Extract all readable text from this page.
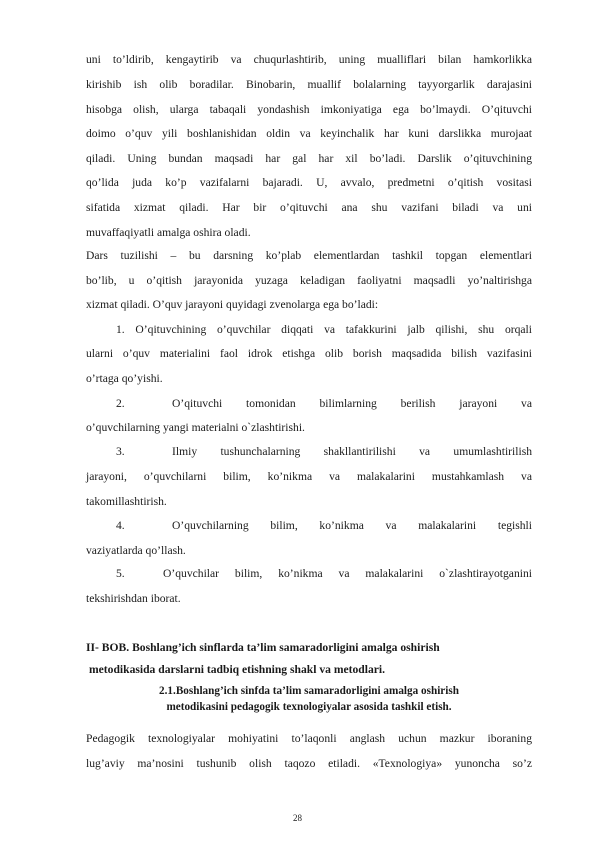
uni to’ldirib, kengaytirib va chuqurlashtirib, uning mualliflari bilan hamkorlikka
kirishib ish olib boradilar. Binobarin, muallif bolalarning tayyorgarlik darajasini
hisobga olish, ularga tabaqali yondashish imkoniyatiga ega bo’lmaydi. O’qituvchi
doimo o’quv yili boshlanishidan oldin va keyinchalik har kuni darslikka murojaat
qiladi. Uning bundan maqsadi har gal har xil bo’ladi. Darslik o’qituvchining
qo’lida juda ko’p vazifalarni bajaradi. U, avvalo, predmetni o’qitish vositasi
sifatida xizmat qiladi. Har bir o’qituvchi ana shu vazifani biladi va uni
muvaffaqiyatli amalga oshira oladi.
Dars tuzilishi – bu darsning ko’plab elementlardan tashkil topgan elementlari
bo’lib, u o’qitish jarayonida yuzaga keladigan faoliyatni maqsadli yo’naltirishga
xizmat qiladi. O’quv jarayoni quyidagi zvenolarga ega bo’ladi:
1. O’qituvchining o’quvchilar diqqati va tafakkurini jalb qilishi, shu orqali
ularni o’quv materialini faol idrok etishga olib borish maqsadida bilish vazifasini
o’rtaga qo’yishi.
2.	O’qituvchi tomonidan bilimlarning berilish jarayoni va
o’quvchilarning yangi materialni o`zlashtirishi.
3.	Ilmiy tushunchalarning shakllantirilishi va umumlashtirilish
jarayoni, o’quvchilarni bilim, ko’nikma va malakalarini mustahkamlash va
takomillashtirish.
4.	O’quvchilarning bilim, ko’nikma va malakalarini tegishli
vaziyatlarda qo’llash.
5.	O’quvchilar bilim, ko’nikma va malakalarini o`zlashtirayotganini
tekshirishdan iborat.
II- BOB. Boshlang’ich sinflarda ta’lim samaradorligini amalga oshirish
metodikasida darslarni tadbiq etishning shakl va metodlari.
2.1.Boshlang’ich sinfda ta’lim samaradorligini amalga oshirish
metodikasini pedagogik texnologiyalar asosida tashkil etish.
Pedagogik texnologiyalar mohiyatini to’laqonli anglash uchun mazkur iboraning
lug’aviy ma’nosini tushunib olish taqozo etiladi. «Texnologiya» yunoncha so’z
28
